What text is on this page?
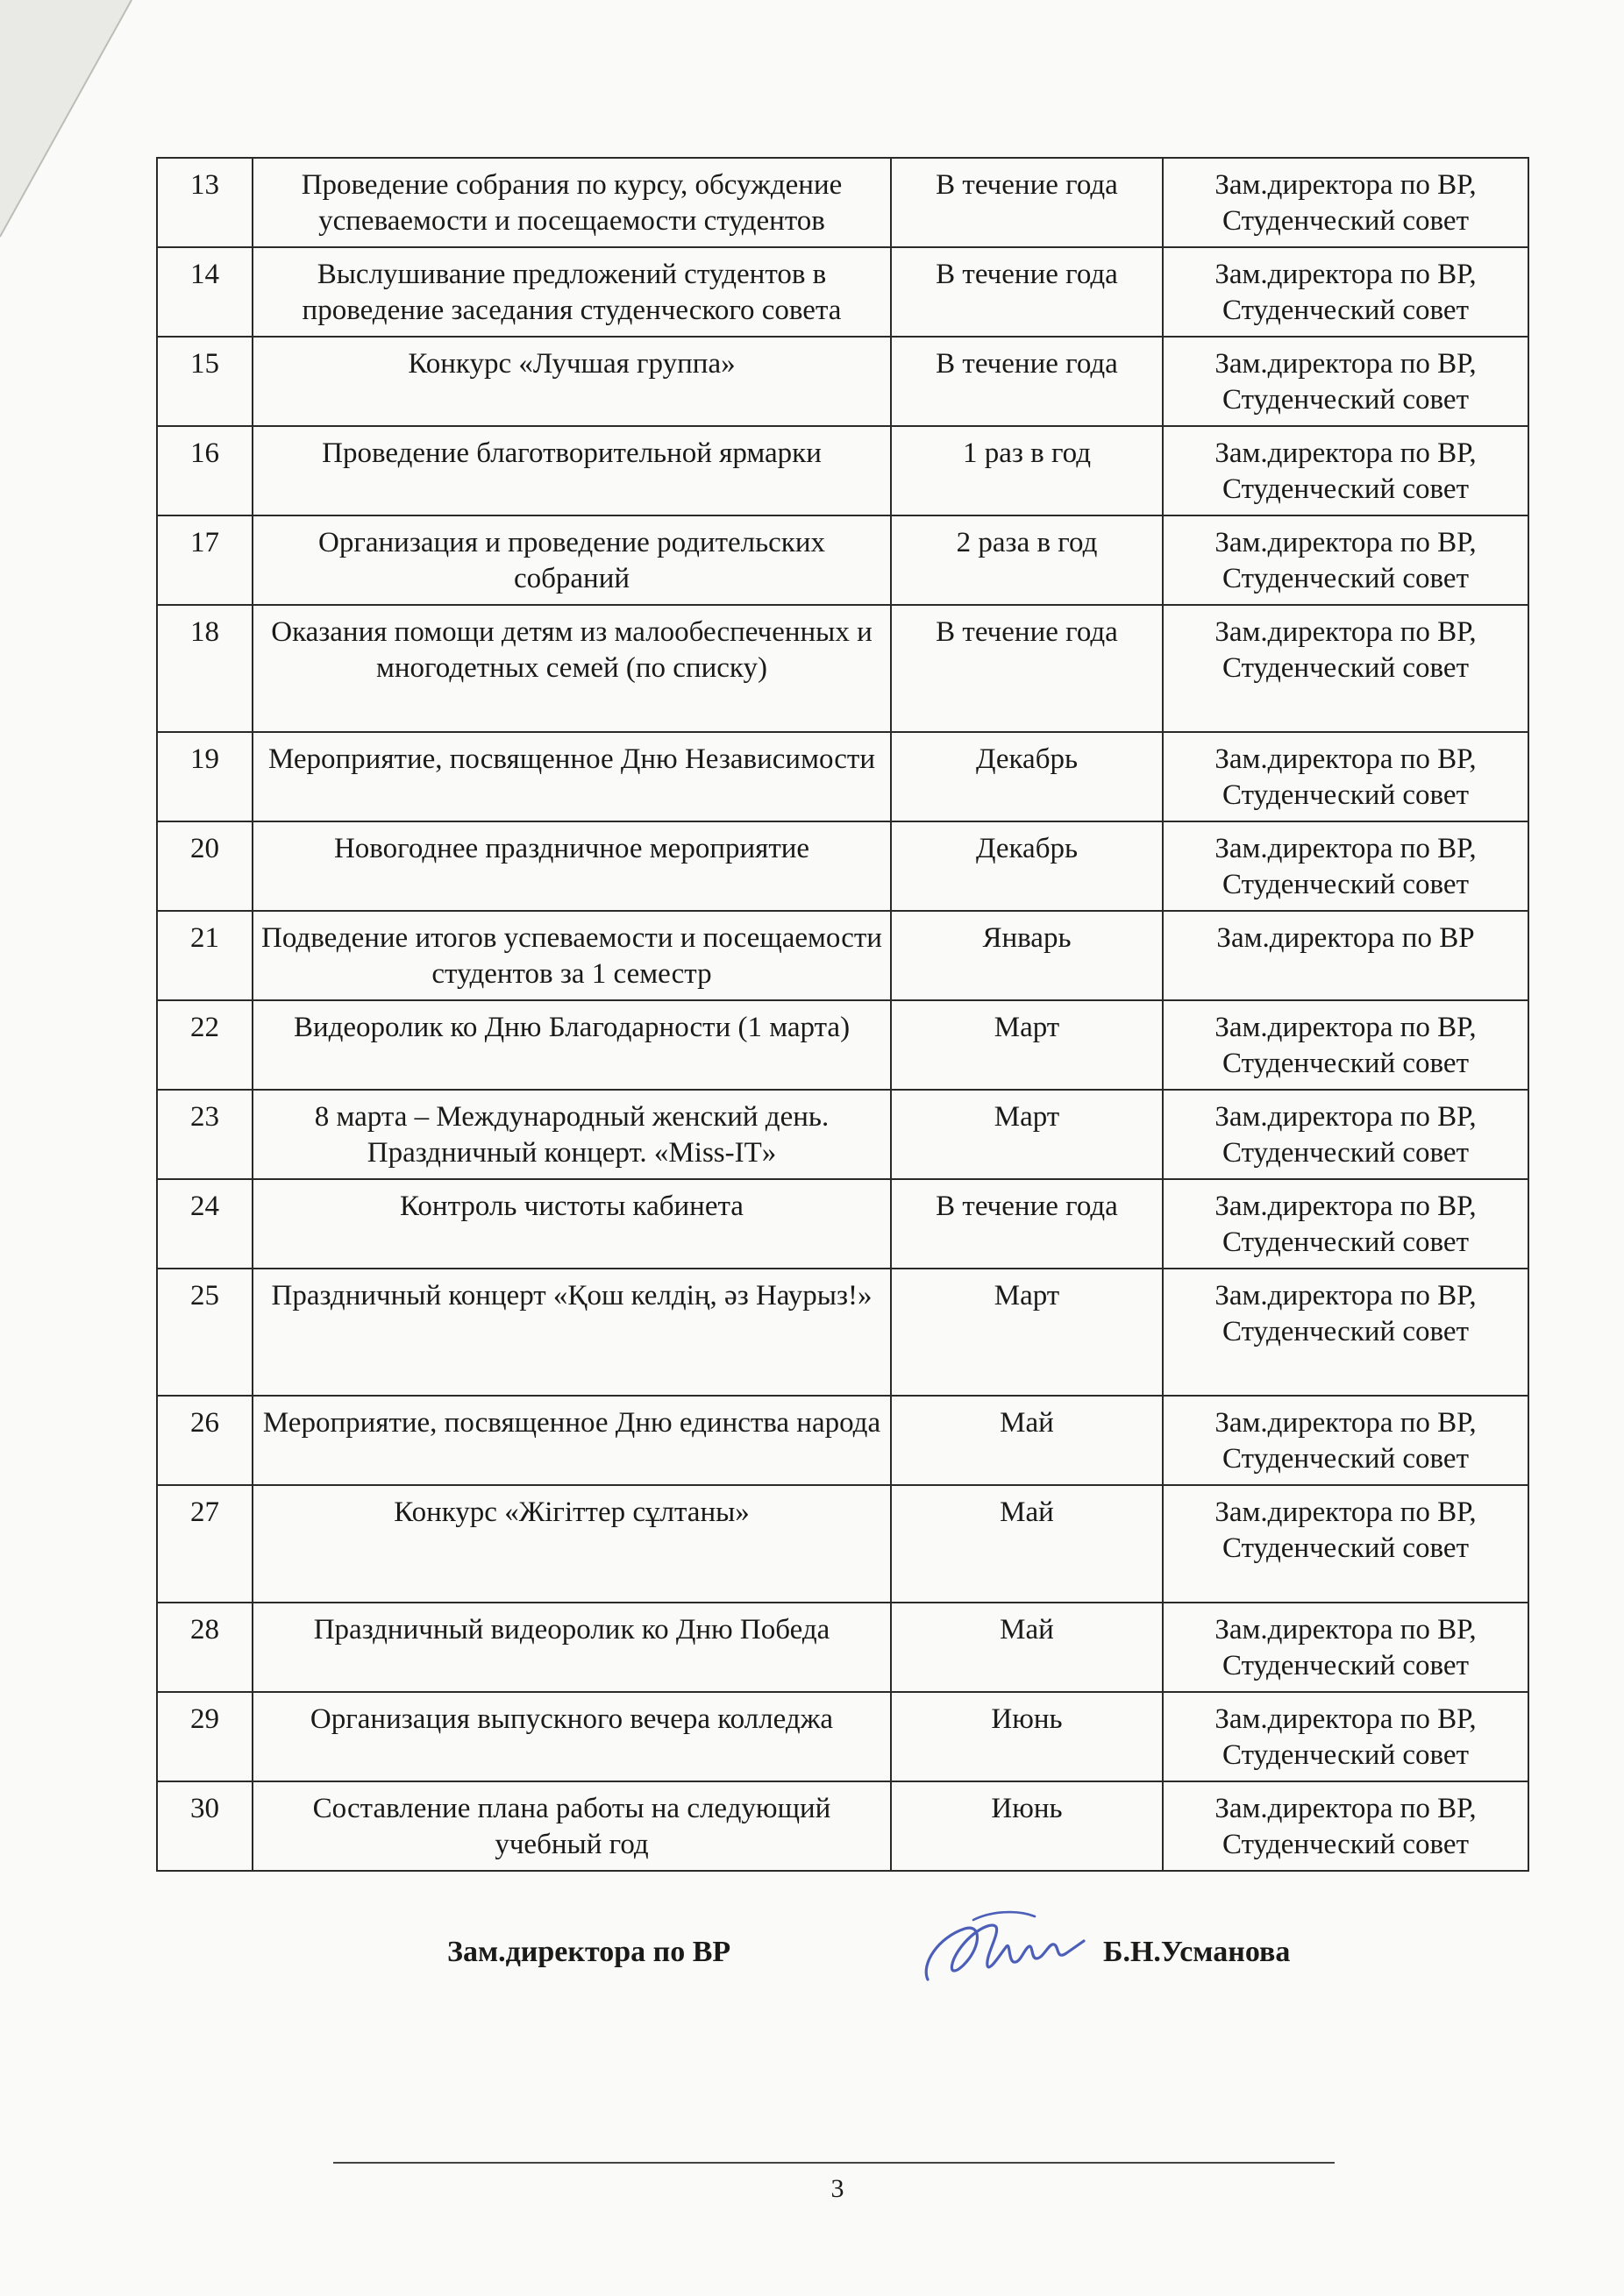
13	Проведение собрания по курсу, обсуждение успеваемости и посещаемости студентов	В течение года	Зам.директора по ВР, Студенческий совет
14	Выслушивание предложений студентов в проведение заседания студенческого совета	В течение года	Зам.директора по ВР, Студенческий совет
15	Конкурс «Лучшая группа»	В течение года	Зам.директора по ВР, Студенческий совет
16	Проведение благотворительной ярмарки	1 раз в год	Зам.директора по ВР, Студенческий совет
17	Организация и проведение родительских собраний	2 раза в год	Зам.директора по ВР, Студенческий совет
18	Оказания помощи детям из малообеспеченных и многодетных семей (по списку)	В течение года	Зам.директора по ВР, Студенческий совет
19	Мероприятие, посвященное Дню Независимости	Декабрь	Зам.директора по ВР, Студенческий совет
20	Новогоднее праздничное мероприятие	Декабрь	Зам.директора по ВР, Студенческий совет
21	Подведение итогов успеваемости и посещаемости студентов за 1 семестр	Январь	Зам.директора по ВР
22	Видеоролик ко Дню Благодарности (1 марта)	Март	Зам.директора по ВР, Студенческий совет
23	8 марта – Международный женский день. Праздничный концерт. «Miss-IT»	Март	Зам.директора по ВР, Студенческий совет
24	Контроль чистоты кабинета	В течение года	Зам.директора по ВР, Студенческий совет
25	Праздничный концерт «Қош келдің, әз Наурыз!»	Март	Зам.директора по ВР, Студенческий совет
26	Мероприятие, посвященное Дню единства народа	Май	Зам.директора по ВР, Студенческий совет
27	Конкурс «Жігіттер сұлтаны»	Май	Зам.директора по ВР, Студенческий совет
28	Праздничный видеоролик ко Дню Победа	Май	Зам.директора по ВР, Студенческий совет
29	Организация выпускного вечера колледжа	Июнь	Зам.директора по ВР, Студенческий совет
30	Составление плана работы на следующий учебный год	Июнь	Зам.директора по ВР, Студенческий совет
Зам.директора по ВР	Б.Н.Усманова
3
